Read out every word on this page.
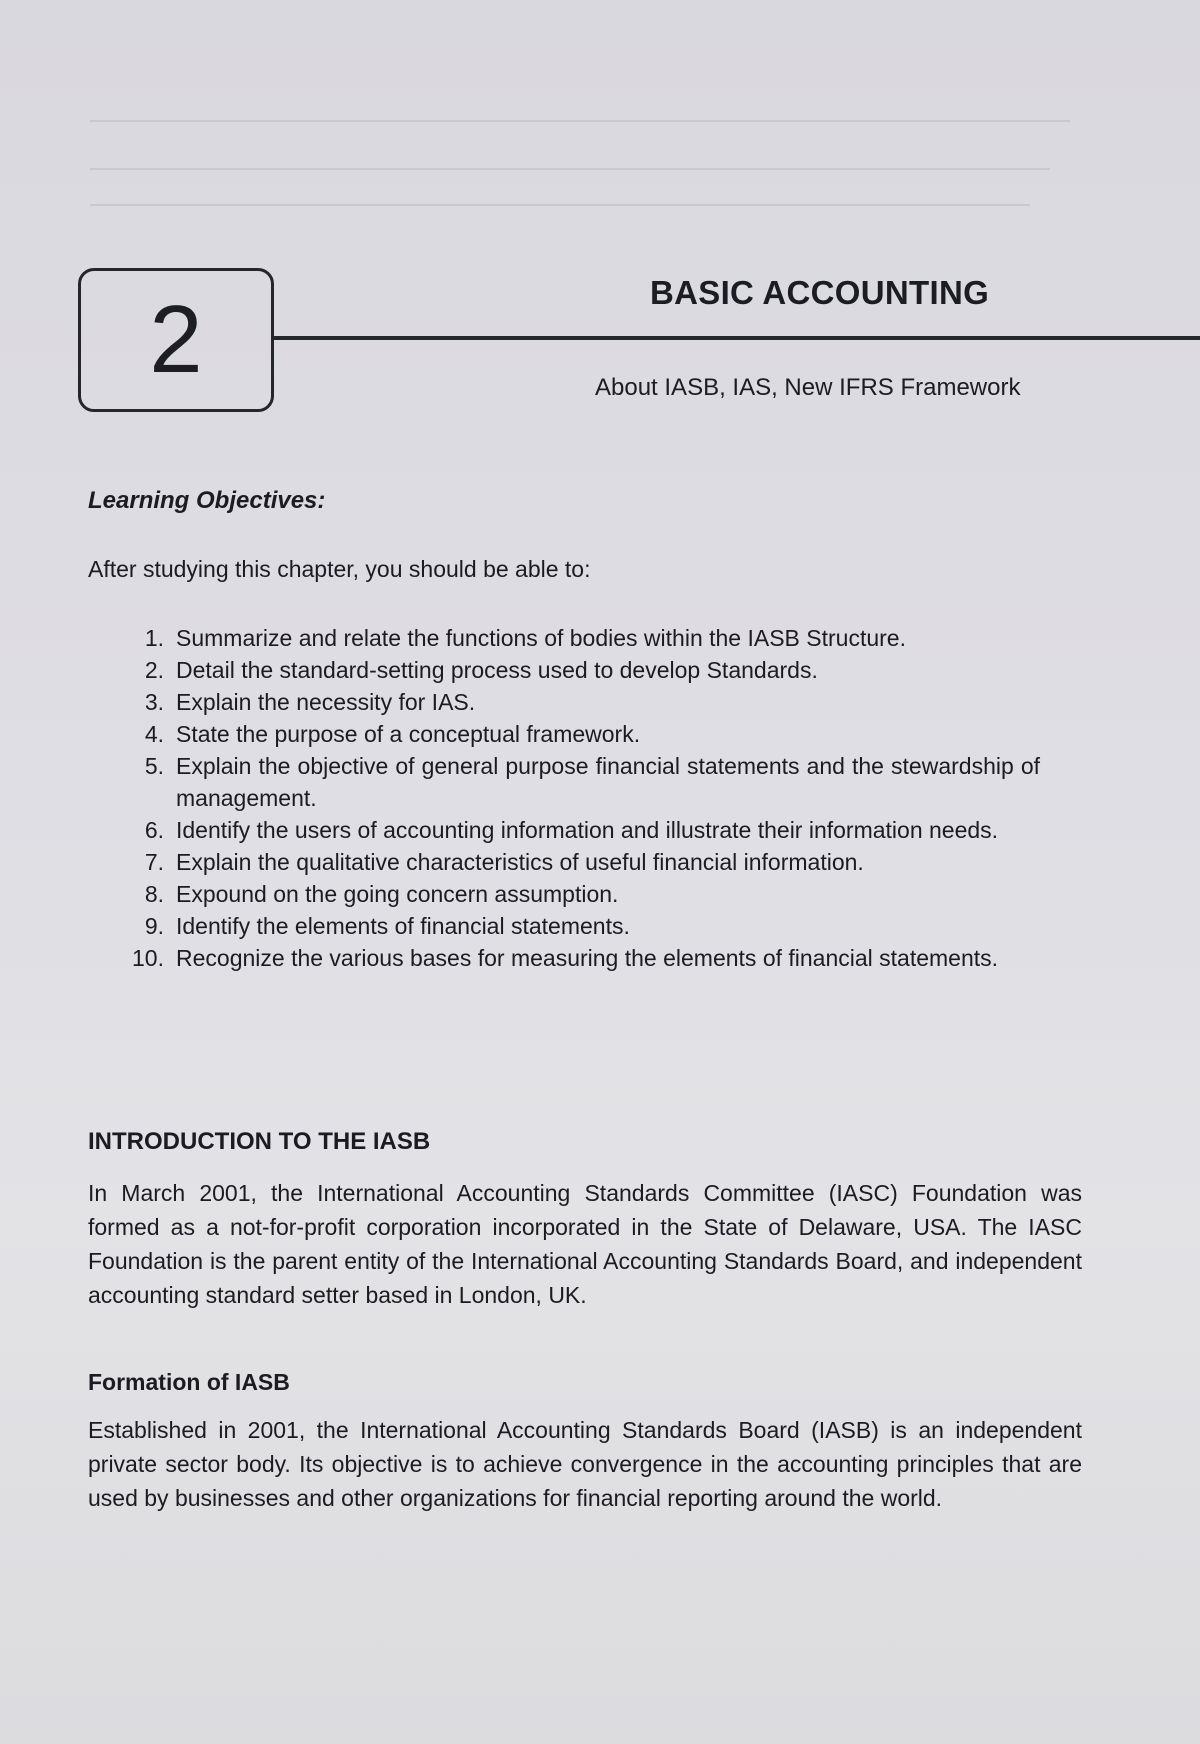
2	BASIC ACCOUNTING
About IASB, IAS, New IFRS Framework
Learning Objectives:
After studying this chapter, you should be able to:
1. Summarize and relate the functions of bodies within the IASB Structure.
2. Detail the standard-setting process used to develop Standards.
3. Explain the necessity for IAS.
4. State the purpose of a conceptual framework.
5. Explain the objective of general purpose financial statements and the stewardship of management.
6. Identify the users of accounting information and illustrate their information needs.
7. Explain the qualitative characteristics of useful financial information.
8. Expound on the going concern assumption.
9. Identify the elements of financial statements.
10. Recognize the various bases for measuring the elements of financial statements.
INTRODUCTION TO THE IASB

In March 2001, the International Accounting Standards Committee (IASC) Foundation was formed as a not-for-profit corporation incorporated in the State of Delaware, USA. The IASC Foundation is the parent entity of the International Accounting Standards Board, and independent accounting standard setter based in London, UK.

Formation of IASB

Established in 2001, the International Accounting Standards Board (IASB) is an independent private sector body. Its objective is to achieve convergence in the accounting principles that are used by businesses and other organizations for financial reporting around the world.
